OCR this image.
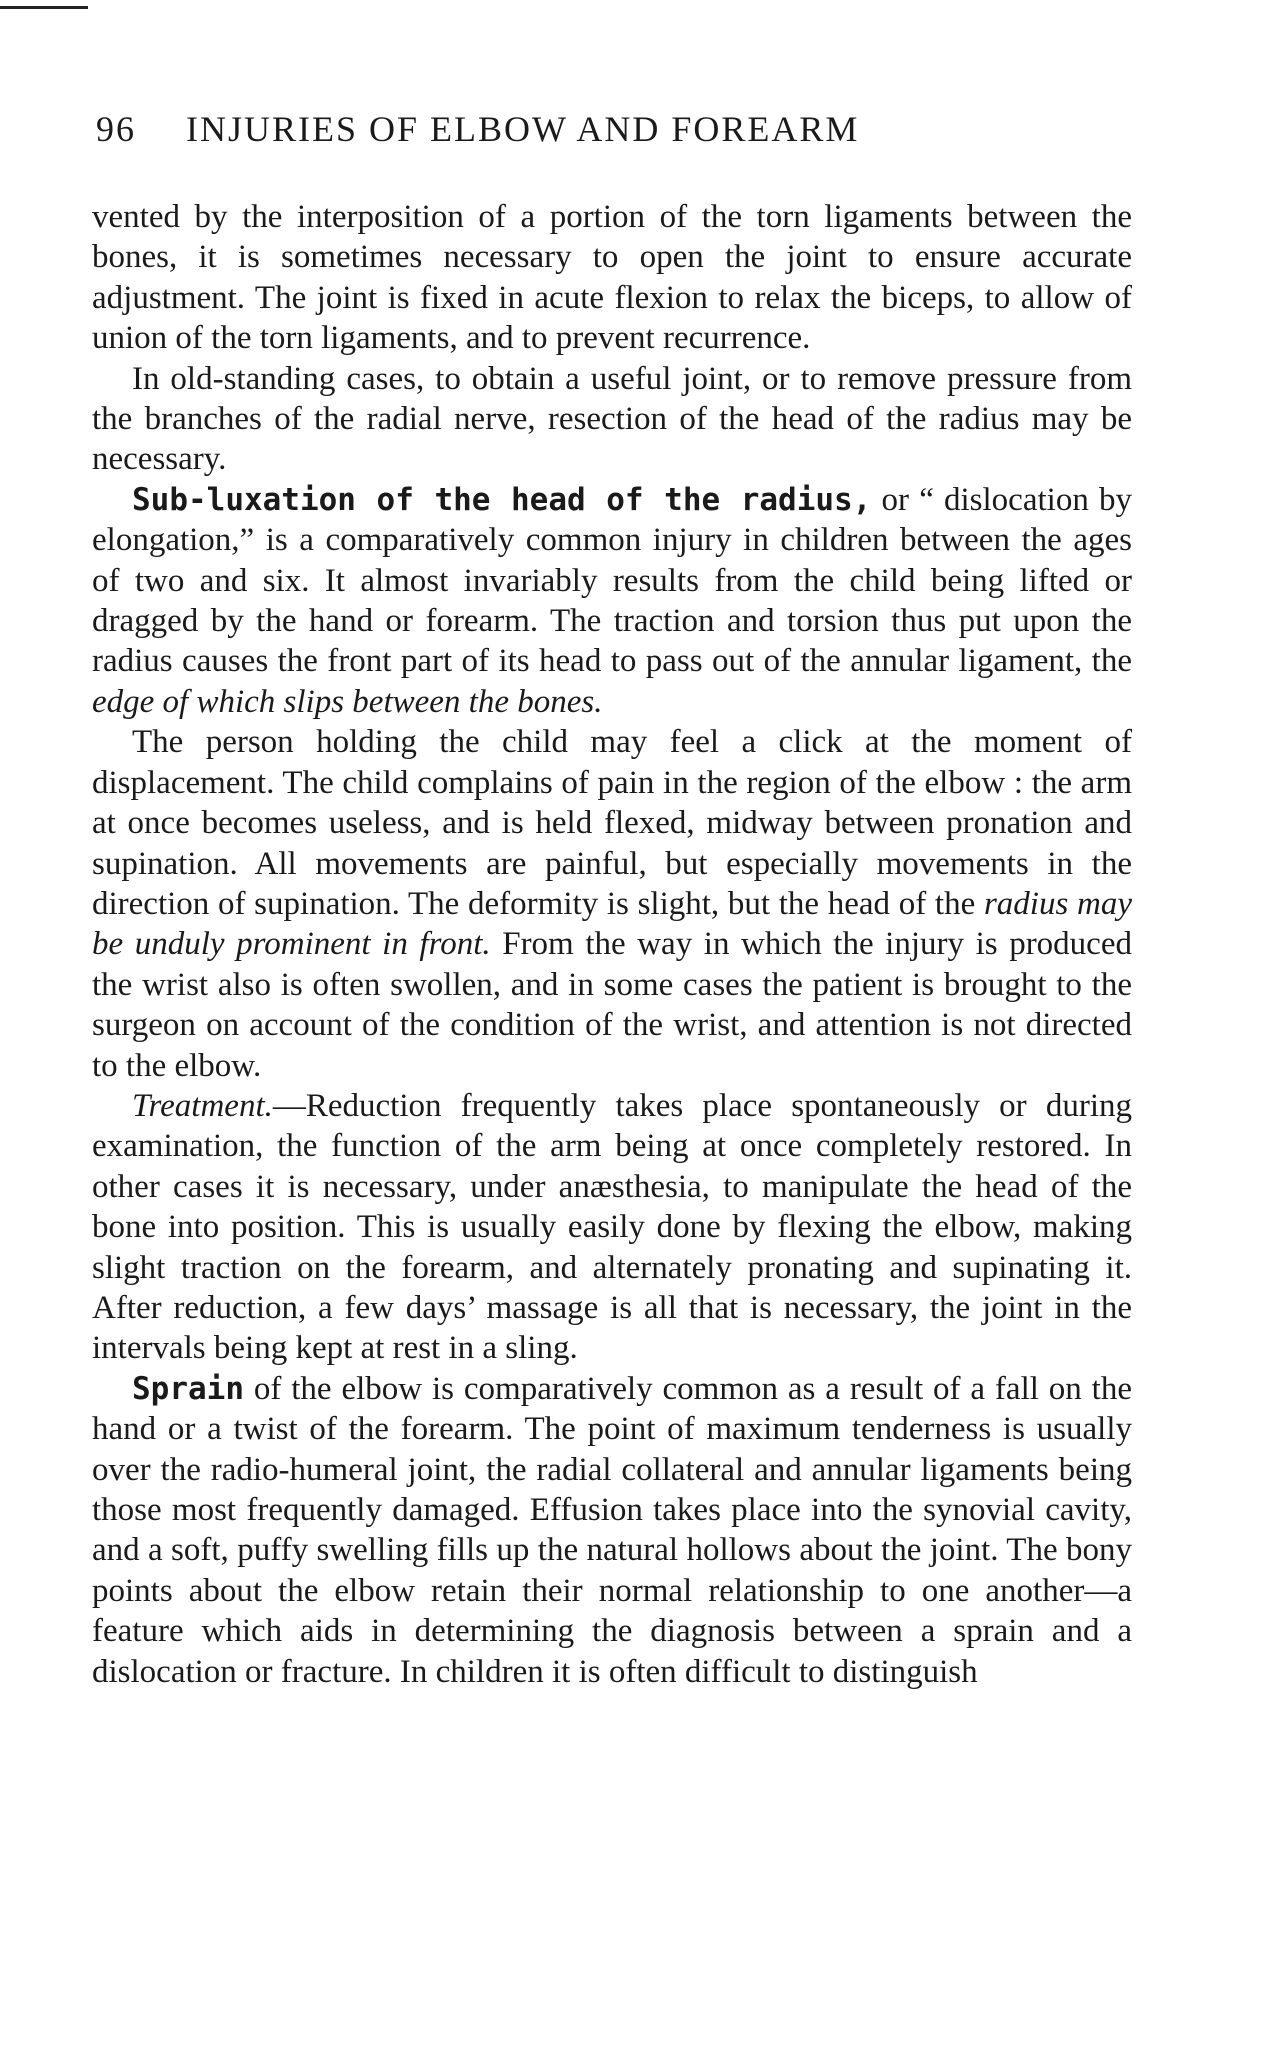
96 INJURIES OF ELBOW AND FOREARM

vented by the interposition of a portion of the torn ligaments between the bones, it is sometimes necessary to open the joint to ensure accurate adjustment. The joint is fixed in acute flexion to relax the biceps, to allow of union of the torn ligaments, and to prevent recurrence.

In old-standing cases, to obtain a useful joint, or to remove pressure from the branches of the radial nerve, resection of the head of the radius may be necessary.

Sub-luxation of the head of the radius, or “ dislocation by elongation,” is a comparatively common injury in children between the ages of two and six. It almost invariably results from the child being lifted or dragged by the hand or forearm. The traction and torsion thus put upon the radius causes the front part of its head to pass out of the annular ligament, the edge of which slips between the bones.

The person holding the child may feel a click at the moment of displacement. The child complains of pain in the region of the elbow : the arm at once becomes useless, and is held flexed, midway between pronation and supination. All movements are painful, but especially movements in the direction of supination. The deformity is slight, but the head of the radius may be unduly prominent in front. From the way in which the injury is produced the wrist also is often swollen, and in some cases the patient is brought to the surgeon on account of the condition of the wrist, and attention is not directed to the elbow.

Treatment.—Reduction frequently takes place spontaneously or during examination, the function of the arm being at once completely restored. In other cases it is necessary, under anæsthesia, to manipulate the head of the bone into position. This is usually easily done by flexing the elbow, making slight traction on the forearm, and alternately pronating and supinating it. After reduction, a few days’ massage is all that is necessary, the joint in the intervals being kept at rest in a sling.

Sprain of the elbow is comparatively common as a result of a fall on the hand or a twist of the forearm. The point of maximum tenderness is usually over the radio-humeral joint, the radial collateral and annular ligaments being those most frequently damaged. Effusion takes place into the synovial cavity, and a soft, puffy swelling fills up the natural hollows about the joint. The bony points about the elbow retain their normal relationship to one another—a feature which aids in determining the diagnosis between a sprain and a dislocation or fracture. In children it is often difficult to distinguish
